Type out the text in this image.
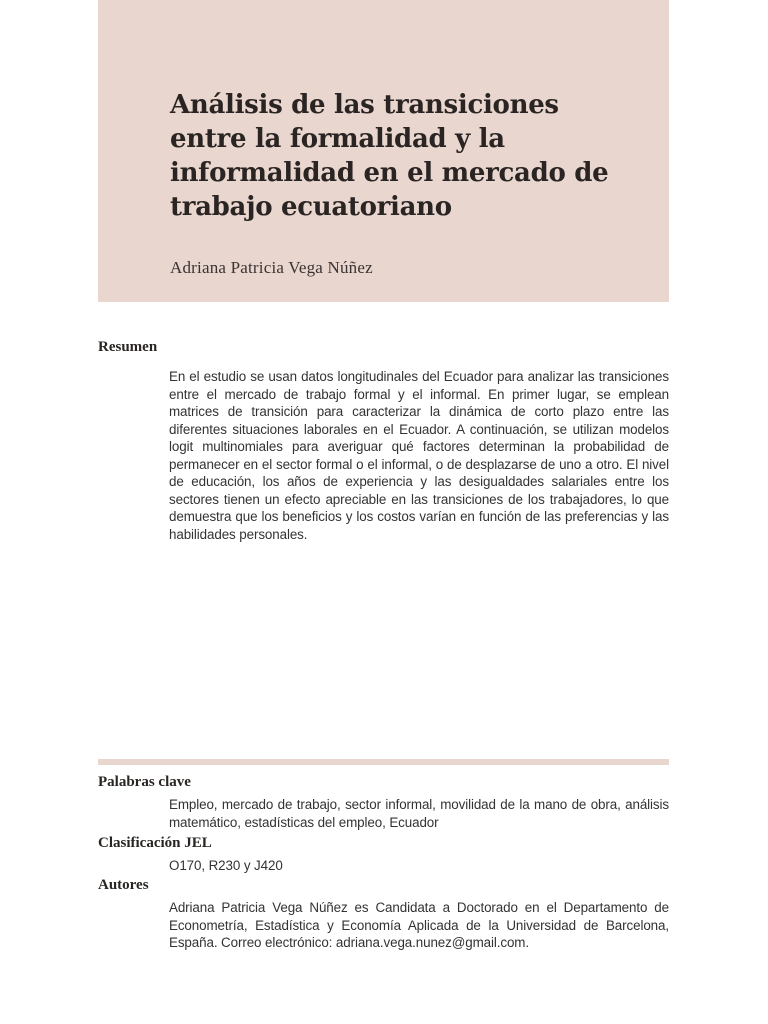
Análisis de las transiciones entre la formalidad y la informalidad en el mercado de trabajo ecuatoriano
Adriana Patricia Vega Núñez
Resumen

En el estudio se usan datos longitudinales del Ecuador para analizar las transiciones entre el mercado de trabajo formal y el informal. En primer lugar, se emplean matrices de transición para caracterizar la dinámica de corto plazo entre las diferentes situaciones laborales en el Ecuador. A continuación, se utilizan modelos logit multinomiales para averiguar qué factores determinan la probabilidad de permanecer en el sector formal o el informal, o de desplazarse de uno a otro. El nivel de educación, los años de experiencia y las desigualdades salariales entre los sectores tienen un efecto apreciable en las transiciones de los trabajadores, lo que demuestra que los beneficios y los costos varían en función de las preferencias y las habilidades personales.

Palabras clave

Empleo, mercado de trabajo, sector informal, movilidad de la mano de obra, análisis matemático, estadísticas del empleo, Ecuador

Clasificación JEL

O170, R230 y J420

Autores

Adriana Patricia Vega Núñez es Candidata a Doctorado en el Departamento de Econometría, Estadística y Economía Aplicada de la Universidad de Barcelona, España. Correo electrónico: adriana.vega.nunez@gmail.com.
